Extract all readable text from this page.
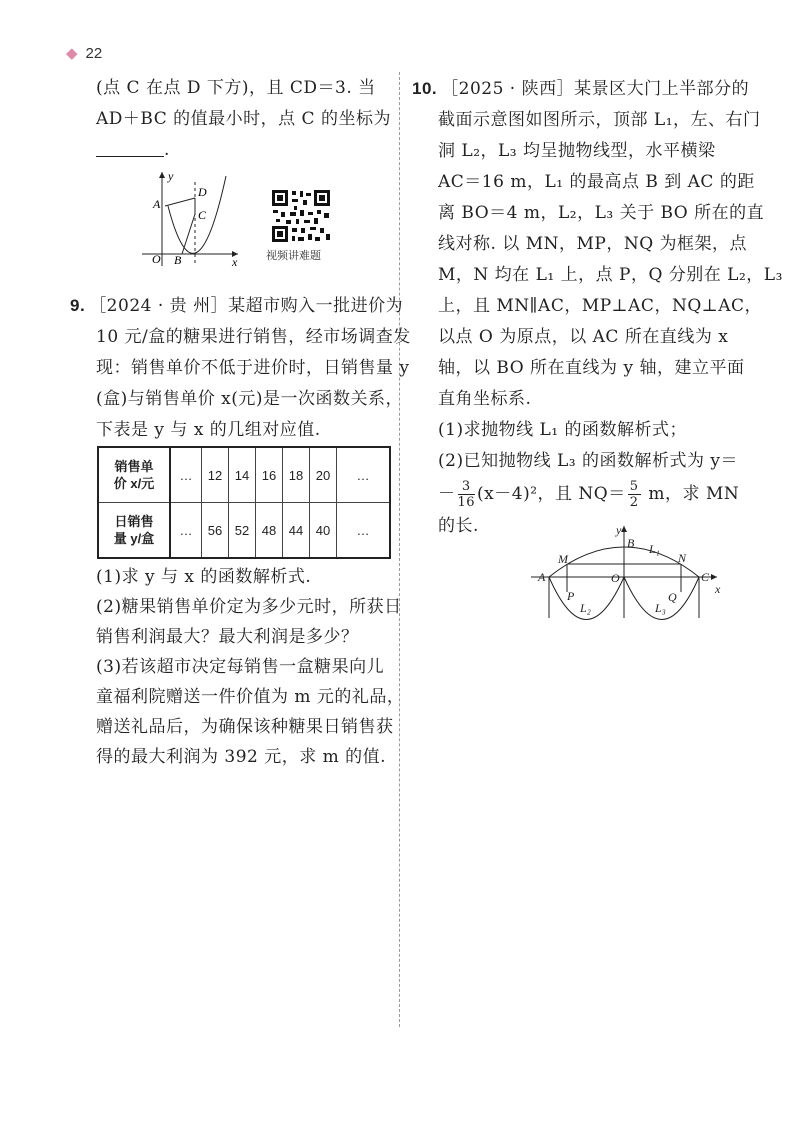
◆ 22
(点 C 在点 D 下方)，且 CD＝3. 当
AD＋BC 的值最小时，点 C 的坐标为
.
y
D
A
C
O B	x	视频讲难题
9. ［2024 · 贵 州］某超市购入一批进价为
10 元/盒的糖果进行销售，经市场调查发
现：销售单价不低于进价时，日销售量 y
(盒)与销售单价 x(元)是一次函数关系，
下表是 y 与 x 的几组对应值.
销售单
价 x/元	…	12	14	16	18	20	…
日销售
量 y/盒	…	56	52	48	44	40	…
(1)求 y 与 x 的函数解析式.
(2)糖果销售单价定为多少元时，所获日
销售利润最大？最大利润是多少？
(3)若该超市决定每销售一盒糖果向儿
童福利院赠送一件价值为 m 元的礼品，
赠送礼品后，为确保该种糖果日销售获
得的最大利润为 392 元，求 m 的值.
10. ［2025 · 陕西］某景区大门上半部分的
截面示意图如图所示，顶部 L₁，左、右门
洞 L₂，L₃ 均呈抛物线型，水平横梁
AC＝16 m，L₁ 的最高点 B 到 AC 的距
离 BO＝4 m，L₂，L₃ 关于 BO 所在的直
线对称. 以 MN，MP，NQ 为框架，点
M，N 均在 L₁ 上，点 P，Q 分别在 L₂，L₃
上，且 MN∥AC，MP⊥AC，NQ⊥AC，
以点 O 为原点，以 AC 所在直线为 x
轴，以 BO 所在直线为 y 轴，建立平面
直角坐标系.
(1)求抛物线 L₁ 的函数解析式；
(2)已知抛物线 L₃ 的函数解析式为 y＝
－ $\frac{3}{16} (x-4)^2$，且 $NQ= \frac{5}{2}$ m，求 MN
的长.	y
B L₁
M	N
A	O	C
P	Q
x
L₂	L₃
